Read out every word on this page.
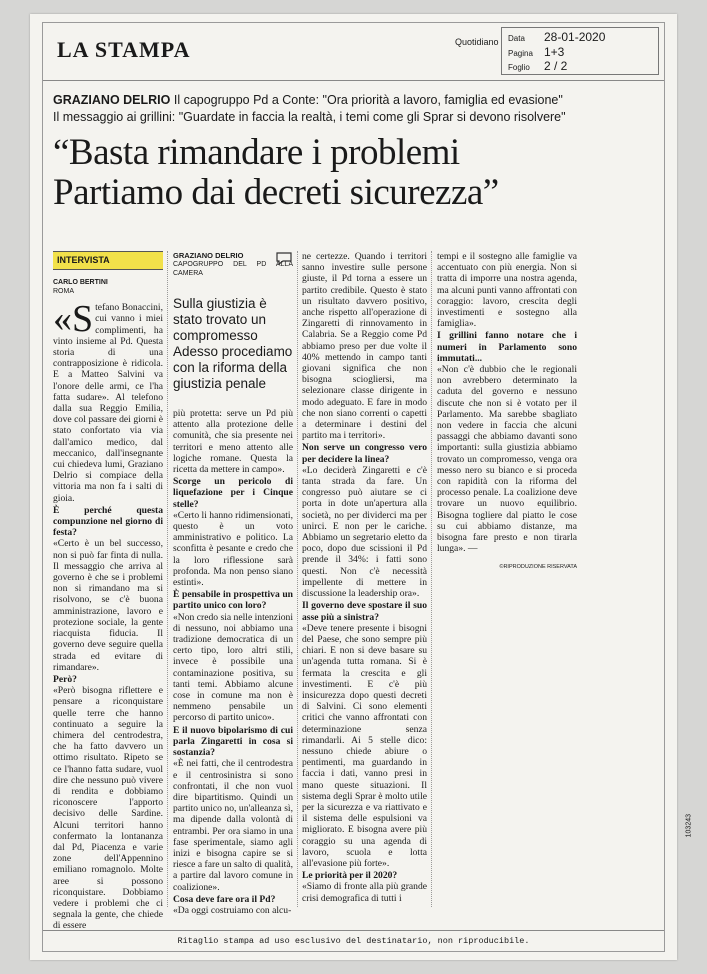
LA STAMPA	Quotidiano Data 28-01-2020
Pagina 1+3
Foglio 2 / 2
GRAZIANO DELRIO Il capogruppo Pd a Conte: "Ora priorità a lavoro, famiglia ed evasione"
Il messaggio ai grillini: "Guardate in faccia la realtà, i temi come gli Sprar si devono risolvere"
“Basta rimandare i problemi
Partiamo dai decreti sicurezza”
INTERVISTA
CARLO BERTINI
ROMA

«Stefano Bonaccini, cui vanno i miei complimenti, ha vinto insieme al Pd. Questa storia di una contrapposizione è ridicola. E a Matteo Salvini va l'onore delle armi, ce l'ha fatta sudare». Al telefono dalla sua Reggio Emilia, dove col passare dei giorni è stato confortato via via dall'amico medico, dal meccanico, dall'insegnante cui chiedeva lumi, Graziano Delrio si compiace della vittoria ma non fa i salti di gioia.

È perché questa compunzione nel giorno di festa?

«Certo è un bel successo, non si può far finta di nulla. Il messaggio che arriva al governo è che se i problemi non si rimandano ma si risolvono, se c'è buona amministrazione, lavoro e protezione sociale, la gente riacquista fiducia. Il governo deve seguire quella strada ed evitare di rimandare».

Però?

«Però bisogna riflettere e pensare a riconquistare quelle terre che hanno continuato a seguire la chimera del centrodestra, che ha fatto davvero un ottimo risultato. Ripeto se ce l'hanno fatta sudare, vuol dire che nessuno può vivere di rendita e dobbiamo riconoscere l'apporto decisivo delle Sardine. Alcuni territori hanno confermato la lontananza dal Pd, Piacenza e varie zone dell'Appennino emiliano romagnolo. Molte aree si possono riconquistare. Dobbiamo vedere i problemi che ci segnala la gente, che chiede di essere

GRAZIANO DELRIO
CAPOGRUPPO DEL PD ALLA CAMERA
Sulla giustizia è stato trovato un compromesso Adesso procediamo con la riforma della giustizia penale

più protetta: serve un Pd più attento alla protezione delle comunità, che sia presente nei territori e meno attento alle logiche romane. Questa la ricetta da mettere in campo».

Scorge un pericolo di liquefazione per i Cinque stelle?

«Certo li hanno ridimensionati, questo è un voto amministrativo e politico. La sconfitta è pesante e credo che la loro riflessione sarà profonda. Ma non penso siano estinti».

È pensabile in prospettiva un partito unico con loro?

«Non credo sia nelle intenzioni di nessuno, noi abbiamo una tradizione democratica di un certo tipo, loro altri stili, invece è possibile una contaminazione positiva, su tanti temi. Abbiamo alcune cose in comune ma non è nemmeno pensabile un percorso di partito unico».

E il nuovo bipolarismo di cui parla Zingaretti in cosa si sostanzia?

«È nei fatti, che il centrodestra e il centrosinistra si sono confrontati, il che non vuol dire bipartitismo. Quindi un partito unico no, un'alleanza sì, ma dipende dalla volontà di entrambi. Per ora siamo in una fase sperimentale, siamo agli inizi e bisogna capire se si riesce a fare un salto di qualità, a partire dal lavoro comune in coalizione».

Cosa deve fare ora il Pd?

«Da oggi costruiamo con alcu-

ne certezze. Quando i territori sanno investire sulle persone giuste, il Pd torna a essere un partito credibile. Questo è stato un risultato davvero positivo, anche rispetto all'operazione di Zingaretti di rinnovamento in Calabria. Se a Reggio come Pd abbiamo preso per due volte il 40% mettendo in campo tanti giovani significa che non bisogna sciogliersi, ma selezionare classe dirigente in modo adeguato. E fare in modo che non siano correnti o capetti a determinare i destini del partito ma i territori».

Non serve un congresso vero per decidere la linea?

«Lo deciderà Zingaretti e c'è tanta strada da fare. Un congresso può aiutare se ci porta in dote un'apertura alla società, no per dividerci ma per unirci. E non per le cariche. Abbiamo un segretario eletto da poco, dopo due scissioni il Pd prende il 34%: i fatti sono questi. Non c'è necessità impellente di mettere in discussione la leadership ora».

Il governo deve spostare il suo asse più a sinistra?

«Deve tenere presente i bisogni del Paese, che sono sempre più chiari. E non si deve basare su un'agenda tutta romana. Si è fermata la crescita e gli investimenti. E c'è più insicurezza dopo questi decreti di Salvini. Ci sono elementi critici che vanno affrontati con determinazione senza rimandarli. Ai 5 stelle dico: nessuno chiede abiure o pentimenti, ma guardando in faccia i dati, vanno presi in mano queste situazioni. Il sistema degli Sprar è molto utile per la sicurezza e va riattivato e il sistema delle espulsioni va migliorato. E bisogna avere più coraggio su una agenda di lavoro, scuola e lotta all'evasione più forte».

Le priorità per il 2020?

«Siamo di fronte alla più grande crisi demografica di tutti i

tempi e il sostegno alle famiglie va accentuato con più energia. Non si tratta di imporre una nostra agenda, ma alcuni punti vanno affrontati con coraggio: lavoro, crescita degli investimenti e sostegno alla famiglia».

I grillini fanno notare che i numeri in Parlamento sono immutati...

«Non c'è dubbio che le regionali non avrebbero determinato la caduta del governo e nessuno discute che non si è votato per il Parlamento. Ma sarebbe sbagliato non vedere in faccia che alcuni passaggi che abbiamo davanti sono importanti: sulla giustizia abbiamo trovato un compromesso, venga ora messo nero su bianco e si proceda con rapidità con la riforma del processo penale. La coalizione deve trovare un nuovo equilibrio. Bisogna togliere dal piatto le cose su cui abbiamo distanze, ma bisogna fare presto e non tirarla lunga». —

©RIPRODUZIONE RISERVATA
Ritaglio stampa ad uso esclusivo del destinatario, non riproducibile.
103243
